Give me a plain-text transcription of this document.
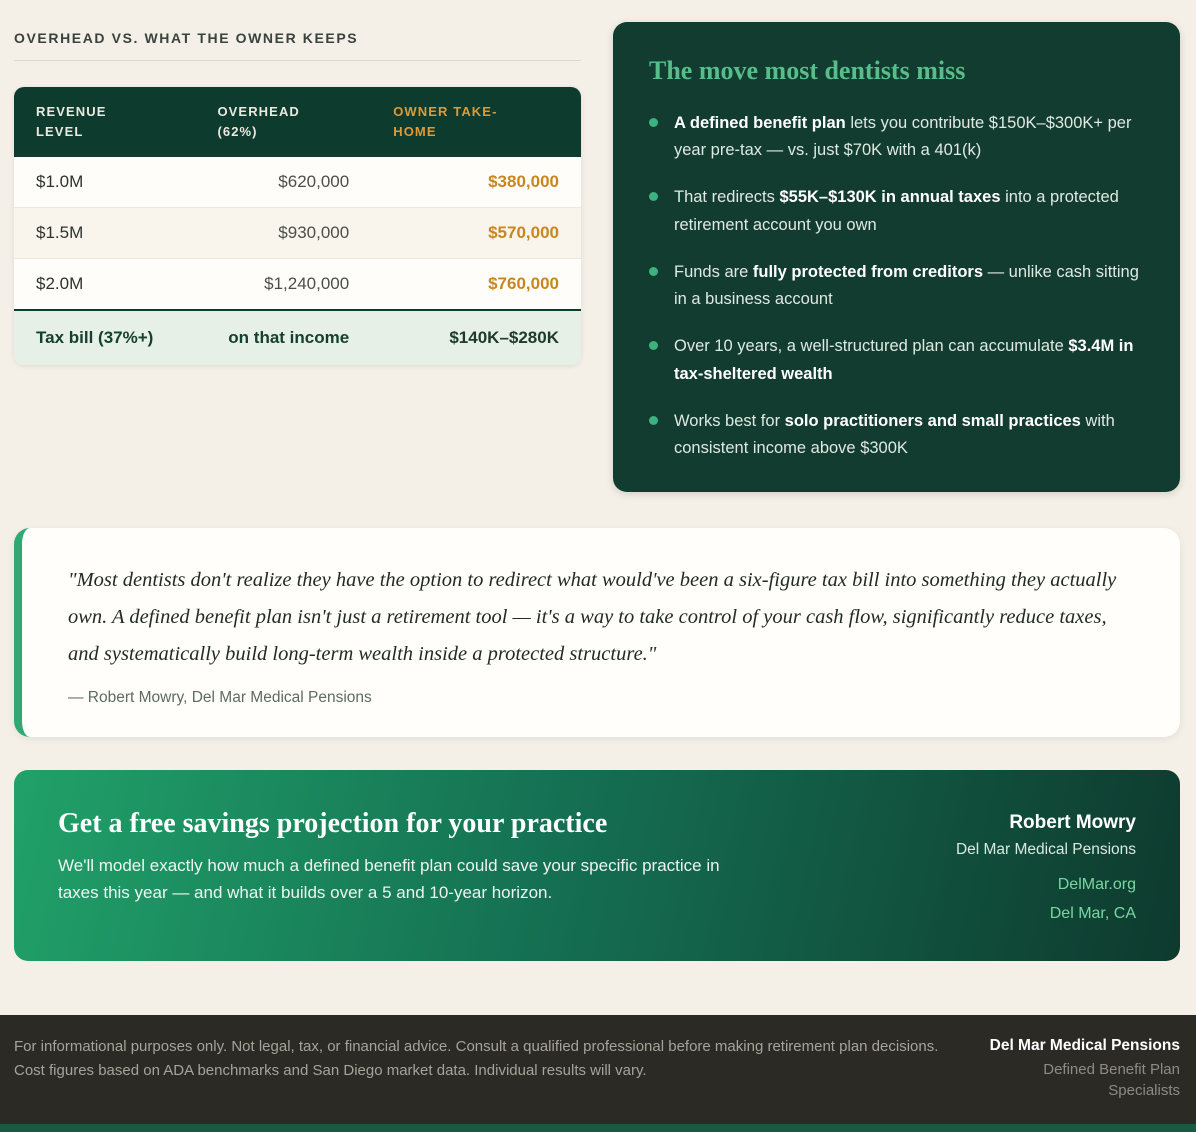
OVERHEAD VS. WHAT THE OWNER KEEPS
REVENUE LEVEL	OVERHEAD (62%)	OWNER TAKE-HOME
$1.0M	$620,000	$380,000
$1.5M	$930,000	$570,000
$2.0M	$1,240,000	$760,000
Tax bill (37%+)	on that income	$140K–$280K
The move most dentists miss

A defined benefit plan lets you contribute $150K–$300K+ per year pre-tax — vs. just $70K with a 401(k)

That redirects $55K–$130K in annual taxes into a protected retirement account you own

Funds are fully protected from creditors — unlike cash sitting in a business account

Over 10 years, a well-structured plan can accumulate $3.4M in tax-sheltered wealth

Works best for solo practitioners and small practices with consistent income above $300K

"Most dentists don't realize they have the option to redirect what would've been a six-figure tax bill into something they actually own. A defined benefit plan isn't just a retirement tool — it's a way to take control of your cash flow, significantly reduce taxes, and systematically build long-term wealth inside a protected structure."

— Robert Mowry, Del Mar Medical Pensions
Get a free savings projection for your practice

We'll model exactly how much a defined benefit plan could save your specific practice in taxes this year — and what it builds over a 5 and 10-year horizon.

Robert Mowry
Del Mar Medical Pensions
DelMar.org
Del Mar, CA

For informational purposes only. Not legal, tax, or financial advice. Consult a qualified professional before making retirement plan decisions.

Cost figures based on ADA benchmarks and San Diego market data. Individual results will vary.

Del Mar Medical Pensions
Defined Benefit Plan Specialists
